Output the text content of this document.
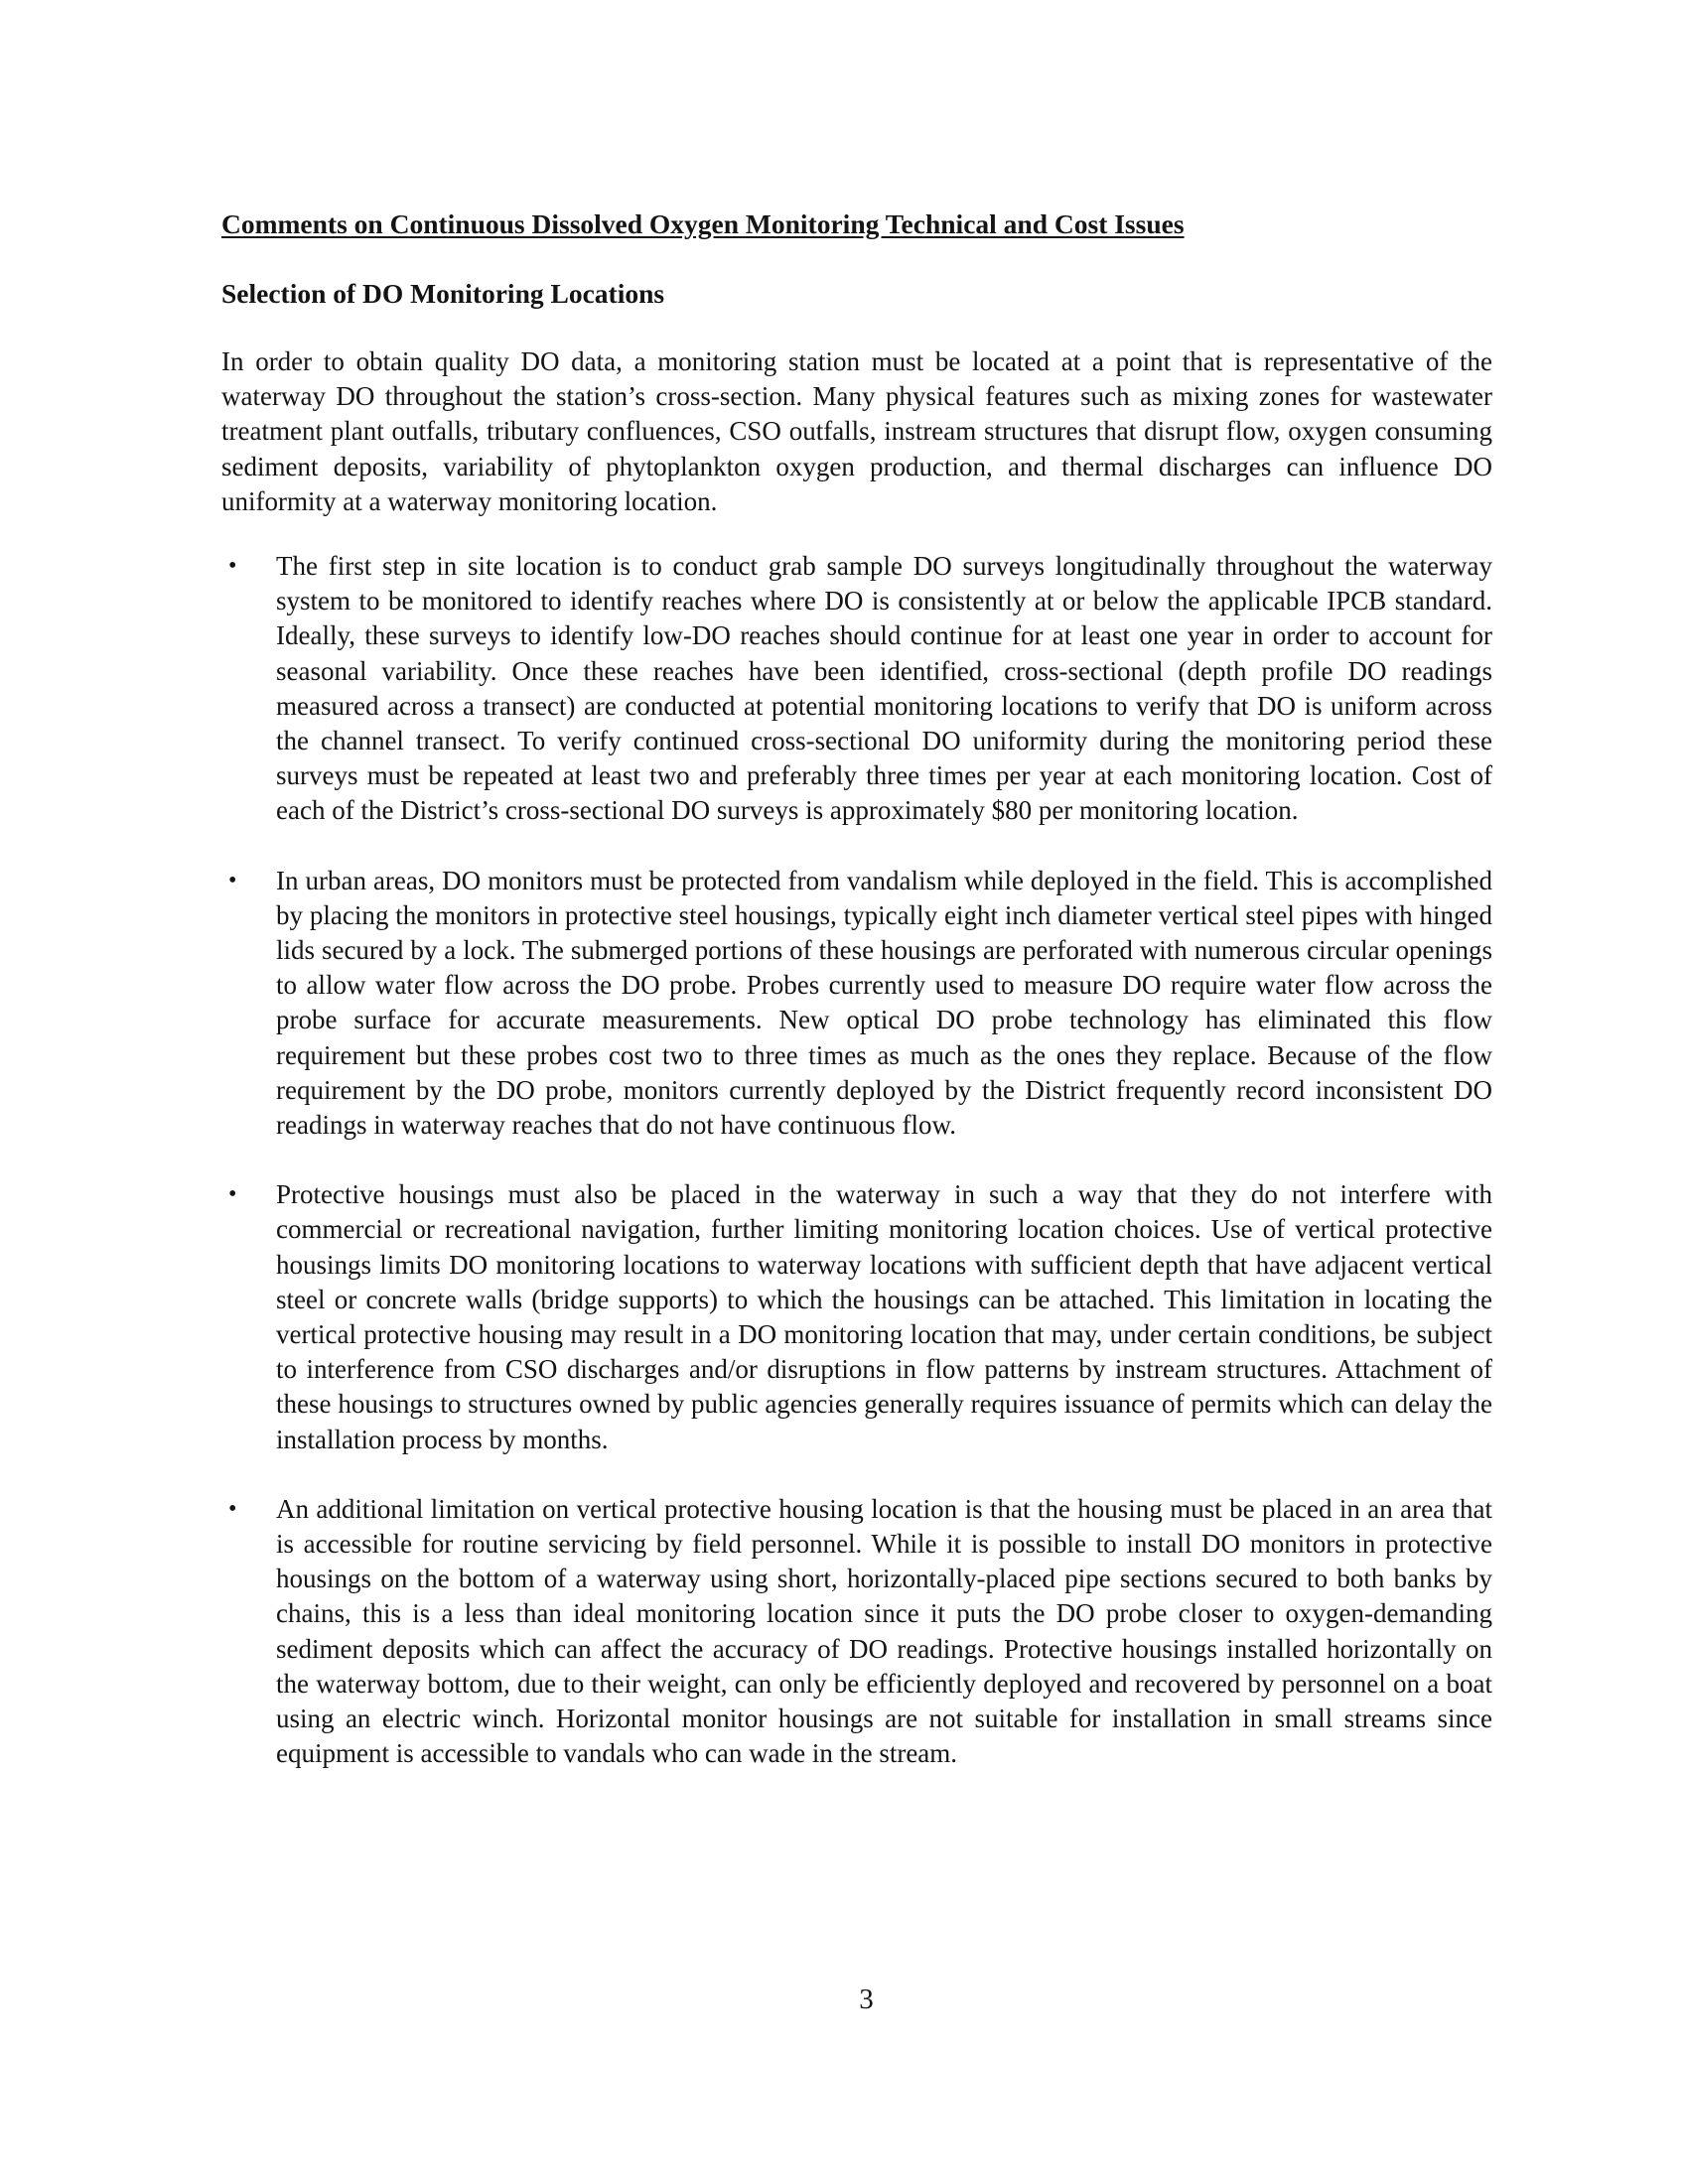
Comments on Continuous Dissolved Oxygen Monitoring Technical and Cost Issues
Selection of DO Monitoring Locations

In order to obtain quality DO data, a monitoring station must be located at a point that is representative of the waterway DO throughout the station’s cross-section. Many physical features such as mixing zones for wastewater treatment plant outfalls, tributary confluences, CSO outfalls, instream structures that disrupt flow, oxygen consuming sediment deposits, variability of phytoplankton oxygen production, and thermal discharges can influence DO uniformity at a waterway monitoring location.

•	The first step in site location is to conduct grab sample DO surveys longitudinally throughout the waterway system to be monitored to identify reaches where DO is consistently at or below the applicable IPCB standard. Ideally, these surveys to identify low-DO reaches should continue for at least one year in order to account for seasonal variability. Once these reaches have been identified, cross-sectional (depth profile DO readings measured across a transect) are conducted at potential monitoring locations to verify that DO is uniform across the channel transect. To verify continued cross-sectional DO uniformity during the monitoring period these surveys must be repeated at least two and preferably three times per year at each monitoring location. Cost of each of the District’s cross-sectional DO surveys is approximately $80 per monitoring location.
•	In urban areas, DO monitors must be protected from vandalism while deployed in the field. This is accomplished by placing the monitors in protective steel housings, typically eight inch diameter vertical steel pipes with hinged lids secured by a lock. The submerged portions of these housings are perforated with numerous circular openings to allow water flow across the DO probe. Probes currently used to measure DO require water flow across the probe surface for accurate measurements. New optical DO probe technology has eliminated this flow requirement but these probes cost two to three times as much as the ones they replace. Because of the flow requirement by the DO probe, monitors currently deployed by the District frequently record inconsistent DO readings in waterway reaches that do not have continuous flow.
•	Protective housings must also be placed in the waterway in such a way that they do not interfere with commercial or recreational navigation, further limiting monitoring location choices. Use of vertical protective housings limits DO monitoring locations to waterway locations with sufficient depth that have adjacent vertical steel or concrete walls (bridge supports) to which the housings can be attached. This limitation in locating the vertical protective housing may result in a DO monitoring location that may, under certain conditions, be subject to interference from CSO discharges and/or disruptions in flow patterns by instream structures. Attachment of these housings to structures owned by public agencies generally requires issuance of permits which can delay the installation process by months.
•	An additional limitation on vertical protective housing location is that the housing must be placed in an area that is accessible for routine servicing by field personnel. While it is possible to install DO monitors in protective housings on the bottom of a waterway using short, horizontally-placed pipe sections secured to both banks by chains, this is a less than ideal monitoring location since it puts the DO probe closer to oxygen-demanding sediment deposits which can affect the accuracy of DO readings. Protective housings installed horizontally on the waterway bottom, due to their weight, can only be efficiently deployed and recovered by personnel on a boat using an electric winch. Horizontal monitor housings are not suitable for installation in small streams since equipment is accessible to vandals who can wade in the stream.
3
